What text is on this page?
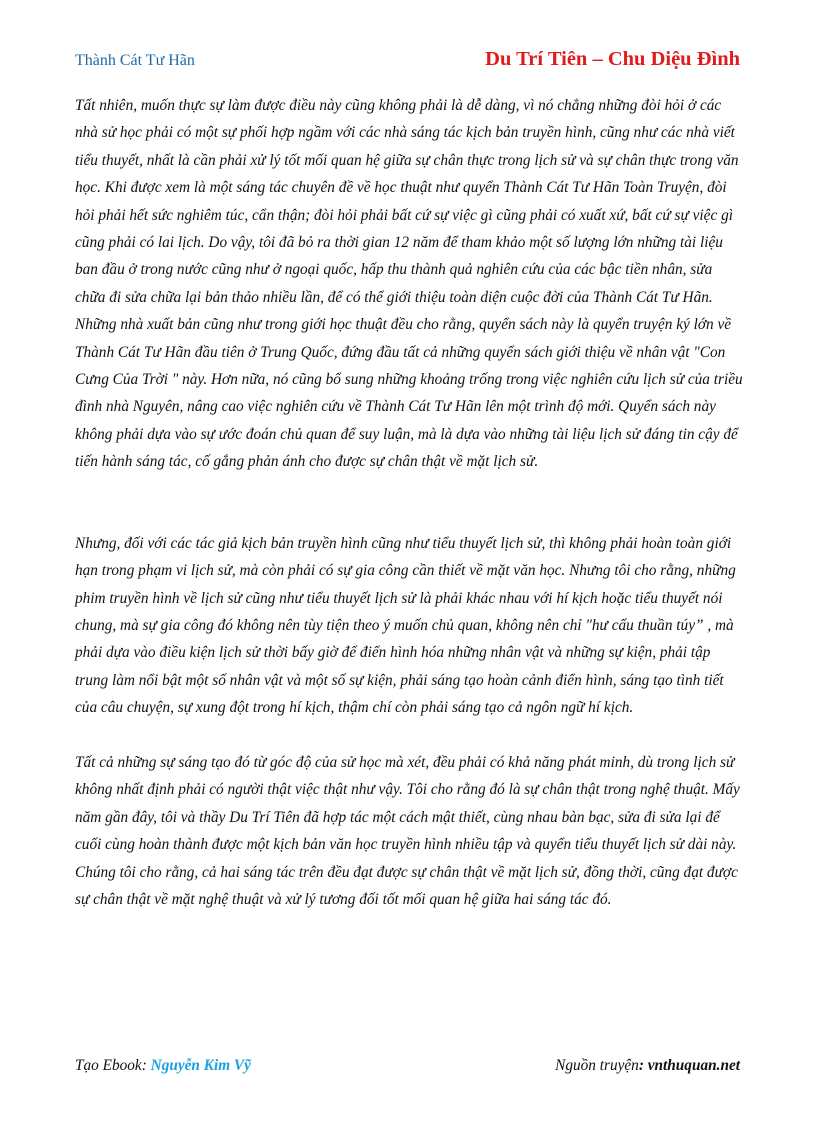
Thành Cát Tư Hãn	Du Trí Tiên – Chu Diệu Đình

Tất nhiên, muốn thực sự làm được điều này cũng không phải là dễ dàng, vì nó chẳng những đòi hỏi ở các nhà sử học phải có một sự phối hợp ngầm với các nhà sáng tác kịch bản truyền hình, cũng như các nhà viết tiểu thuyết, nhất là cần phải xử lý tốt mối quan hệ giữa sự chân thực trong lịch sử và sự chân thực trong văn học. Khi được xem là một sáng tác chuyên đề về học thuật như quyển Thành Cát Tư Hãn Toàn Truyện, đòi hỏi phải hết sức nghiêm túc, cẩn thận; đòi hỏi phải bất cứ sự việc gì cũng phải có xuất xứ, bất cứ sự việc gì cũng phải có lai lịch. Do vậy, tôi đã bỏ ra thời gian 12 năm để tham khảo một số lượng lớn những tài liệu ban đầu ở trong nước cũng như ở ngoại quốc, hấp thu thành quả nghiên cứu của các bậc tiền nhân, sửa chữa đi sửa chữa lại bản thảo nhiều lần, để có thể giới thiệu toàn diện cuộc đời của Thành Cát Tư Hãn. Những nhà xuất bản cũng như trong giới học thuật đều cho rằng, quyển sách này là quyển truyện ký lớn về Thành Cát Tư Hãn đầu tiên ở Trung Quốc, đứng đầu tất cả những quyển sách giới thiệu về nhân vật "Con Cưng Của Trời " này. Hơn nữa, nó cũng bổ sung những khoảng trống trong việc nghiên cứu lịch sử của triều đình nhà Nguyên, nâng cao việc nghiên cứu về Thành Cát Tư Hãn lên một trình độ mới. Quyển sách này không phải dựa vào sự ước đoán chủ quan để suy luận, mà là dựa vào những tài liệu lịch sử đáng tin cậy để tiến hành sáng tác, cố gắng phản ánh cho được sự chân thật về mặt lịch sử.

Nhưng, đối với các tác giả kịch bản truyền hình cũng như tiểu thuyết lịch sử, thì không phải hoàn toàn giới hạn trong phạm vi lịch sử, mà còn phải có sự gia công cần thiết về mặt văn học. Nhưng tôi cho rằng, những phim truyền hình về lịch sử cũng như tiểu thuyết lịch sử là phải khác nhau với hí kịch hoặc tiểu thuyết nói chung, mà sự gia công đó không nên tùy tiện theo ý muốn chủ quan, không nên chỉ "hư cấu thuần túy” , mà phải dựa vào điều kiện lịch sử thời bấy giờ để điển hình hóa những nhân vật và những sự kiện, phải tập trung làm nổi bật một số nhân vật và một số sự kiện, phải sáng tạo hoàn cảnh điển hình, sáng tạo tình tiết của câu chuyện, sự xung đột trong hí kịch, thậm chí còn phải sáng tạo cả ngôn ngữ hí kịch.

Tất cả những sự sáng tạo đó từ góc độ của sử học mà xét, đều phải có khả năng phát minh, dù trong lịch sử không nhất định phải có người thật việc thật như vậy. Tôi cho rằng đó là sự chân thật trong nghệ thuật. Mấy năm gần đây, tôi và thầy Du Trí Tiên đã hợp tác một cách mật thiết, cùng nhau bàn bạc, sửa đi sửa lại để cuối cùng hoàn thành được một kịch bản văn học truyền hình nhiều tập và quyển tiểu thuyết lịch sử dài này. Chúng tôi cho rằng, cả hai sáng tác trên đều đạt được sự chân thật về mặt lịch sử, đồng thời, cũng đạt được sự chân thật về mặt nghệ thuật và xử lý tương đối tốt mối quan hệ giữa hai sáng tác đó.

Tạo Ebook: Nguyễn Kim Vỹ	Nguồn truyện: vnthuquan.net
